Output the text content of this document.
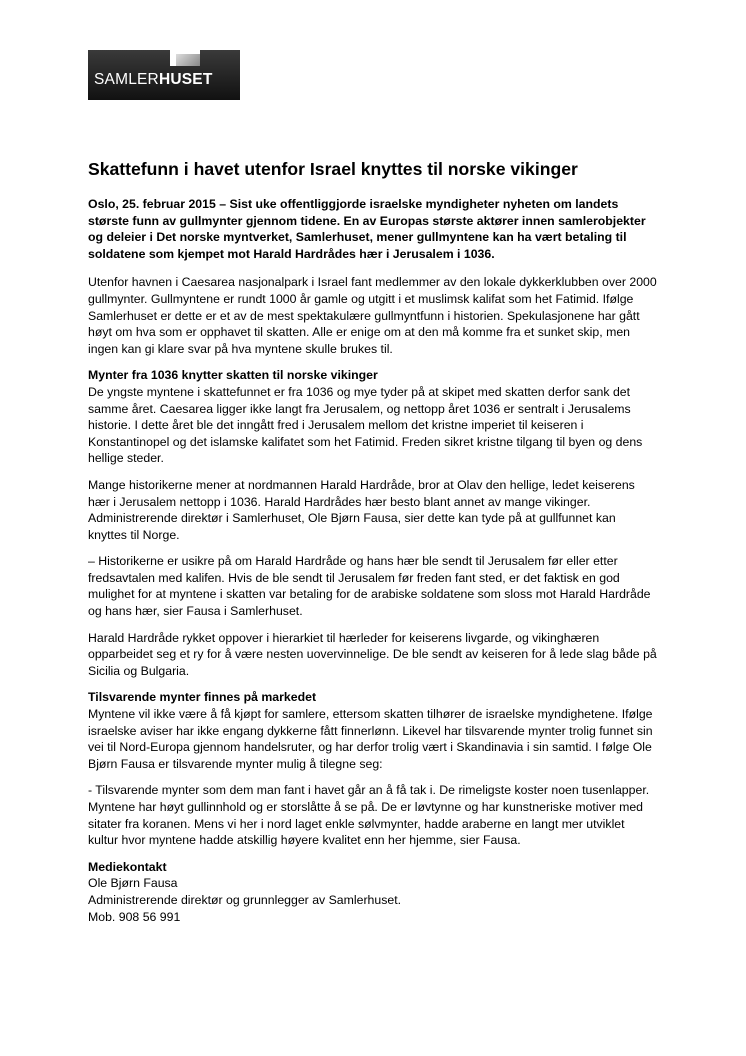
SAMLERHUSET
Skattefunn i havet utenfor Israel knyttes til norske vikinger

Oslo, 25. februar 2015 – Sist uke offentliggjorde israelske myndigheter nyheten om landets største funn av gullmynter gjennom tidene. En av Europas største aktører innen samlerobjekter og deleier i Det norske myntverket, Samlerhuset, mener gullmyntene kan ha vært betaling til soldatene som kjempet mot Harald Hardrådes hær i Jerusalem i 1036.

Utenfor havnen i Caesarea nasjonalpark i Israel fant medlemmer av den lokale dykkerklubben over 2000 gullmynter. Gullmyntene er rundt 1000 år gamle og utgitt i et muslimsk kalifat som het Fatimid. Ifølge Samlerhuset er dette er et av de mest spektakulære gullmyntfunn i historien. Spekulasjonene har gått høyt om hva som er opphavet til skatten. Alle er enige om at den må komme fra et sunket skip, men ingen kan gi klare svar på hva myntene skulle brukes til.

Mynter fra 1036 knytter skatten til norske vikinger
De yngste myntene i skattefunnet er fra 1036 og mye tyder på at skipet med skatten derfor sank det samme året. Caesarea ligger ikke langt fra Jerusalem, og nettopp året 1036 er sentralt i Jerusalems historie. I dette året ble det inngått fred i Jerusalem mellom det kristne imperiet til keiseren i Konstantinopel og det islamske kalifatet som het Fatimid. Freden sikret kristne tilgang til byen og dens hellige steder.

Mange historikerne mener at nordmannen Harald Hardråde, bror at Olav den hellige, ledet keiserens hær i Jerusalem nettopp i 1036. Harald Hardrådes hær besto blant annet av mange vikinger. Administrerende direktør i Samlerhuset, Ole Bjørn Fausa, sier dette kan tyde på at gullfunnet kan knyttes til Norge.

– Historikerne er usikre på om Harald Hardråde og hans hær ble sendt til Jerusalem før eller etter fredsavtalen med kalifen. Hvis de ble sendt til Jerusalem før freden fant sted, er det faktisk en god mulighet for at myntene i skatten var betaling for de arabiske soldatene som sloss mot Harald Hardråde og hans hær, sier Fausa i Samlerhuset.

Harald Hardråde rykket oppover i hierarkiet til hærleder for keiserens livgarde, og vikinghæren opparbeidet seg et ry for å være nesten uovervinnelige. De ble sendt av keiseren for å lede slag både på Sicilia og Bulgaria.

Tilsvarende mynter finnes på markedet
Myntene vil ikke være å få kjøpt for samlere, ettersom skatten tilhører de israelske myndighetene. Ifølge israelske aviser har ikke engang dykkerne fått finnerlønn. Likevel har tilsvarende mynter trolig funnet sin vei til Nord-Europa gjennom handelsruter, og har derfor trolig vært i Skandinavia i sin samtid. I følge Ole Bjørn Fausa er tilsvarende mynter mulig å tilegne seg:

- Tilsvarende mynter som dem man fant i havet går an å få tak i. De rimeligste koster noen tusenlapper. Myntene har høyt gullinnhold og er storslåtte å se på. De er løvtynne og har kunstneriske motiver med sitater fra koranen. Mens vi her i nord laget enkle sølvmynter, hadde araberne en langt mer utviklet kultur hvor myntene hadde atskillig høyere kvalitet enn her hjemme, sier Fausa.

Mediekontakt
Ole Bjørn Fausa
Administrerende direktør og grunnlegger av Samlerhuset.
Mob. 908 56 991
